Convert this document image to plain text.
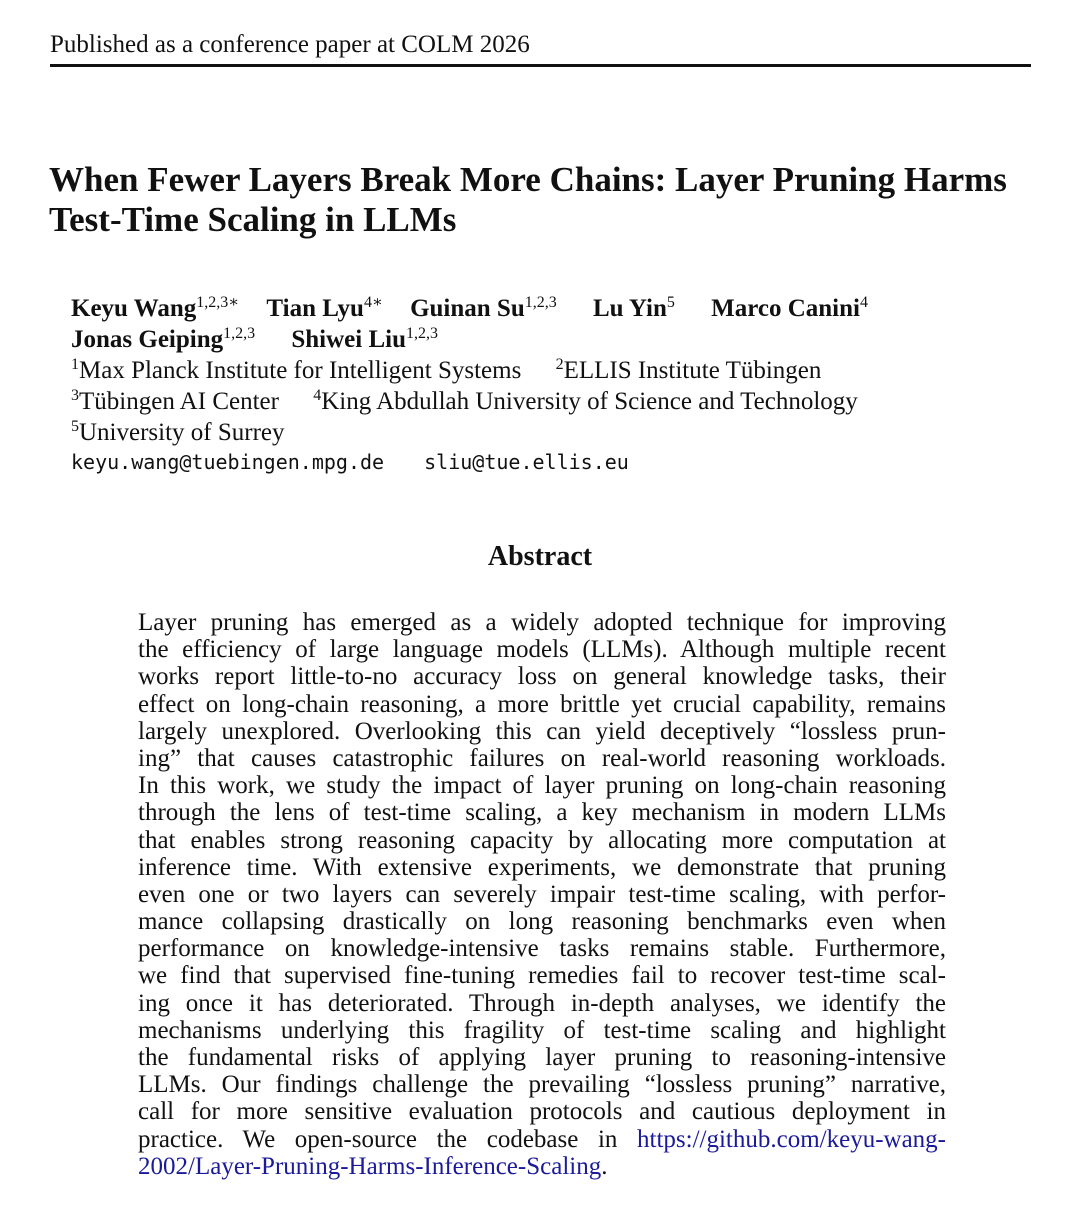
Published as a conference paper at COLM 2026
When Fewer Layers Break More Chains: Layer Pruning Harms
Test-Time Scaling in LLMs
Keyu Wang$^{1,2,3∗}$ Tian Lyu$^{4∗}$ Guinan Su$^{1,2,3}$ Lu Yin$^5$ Marco Canini$^4$
Jonas Geiping$^{1,2,3}$ Shiwei Liu$^{1,2,3}$
$^1$Max Planck Institute for Intelligent Systems $^2$ELLIS Institute Tübingen
$^3$Tübingen AI Center $^4$King Abdullah University of Science and Technology
$^5$University of Surrey
keyu.wang@tuebingen.mpg.de sliu@tue.ellis.eu
Abstract
Layer pruning has emerged as a widely adopted technique for improving
the efficiency of large language models (LLMs). Although multiple recent
works report little-to-no accuracy loss on general knowledge tasks, their
effect on long-chain reasoning, a more brittle yet crucial capability, remains
largely unexplored. Overlooking this can yield deceptively “lossless prun-
ing” that causes catastrophic failures on real-world reasoning workloads.
In this work, we study the impact of layer pruning on long-chain reasoning
through the lens of test-time scaling, a key mechanism in modern LLMs
that enables strong reasoning capacity by allocating more computation at
inference time. With extensive experiments, we demonstrate that pruning
even one or two layers can severely impair test-time scaling, with perfor-
mance collapsing drastically on long reasoning benchmarks even when
performance on knowledge-intensive tasks remains stable. Furthermore,
we find that supervised fine-tuning remedies fail to recover test-time scal-
ing once it has deteriorated. Through in-depth analyses, we identify the
mechanisms underlying this fragility of test-time scaling and highlight
the fundamental risks of applying layer pruning to reasoning-intensive
LLMs. Our findings challenge the prevailing “lossless pruning” narrative,
call for more sensitive evaluation protocols and cautious deployment in
practice. We open-source the codebase in https://github.com/keyu-wang-
2002/Layer-Pruning-Harms-Inference-Scaling.
